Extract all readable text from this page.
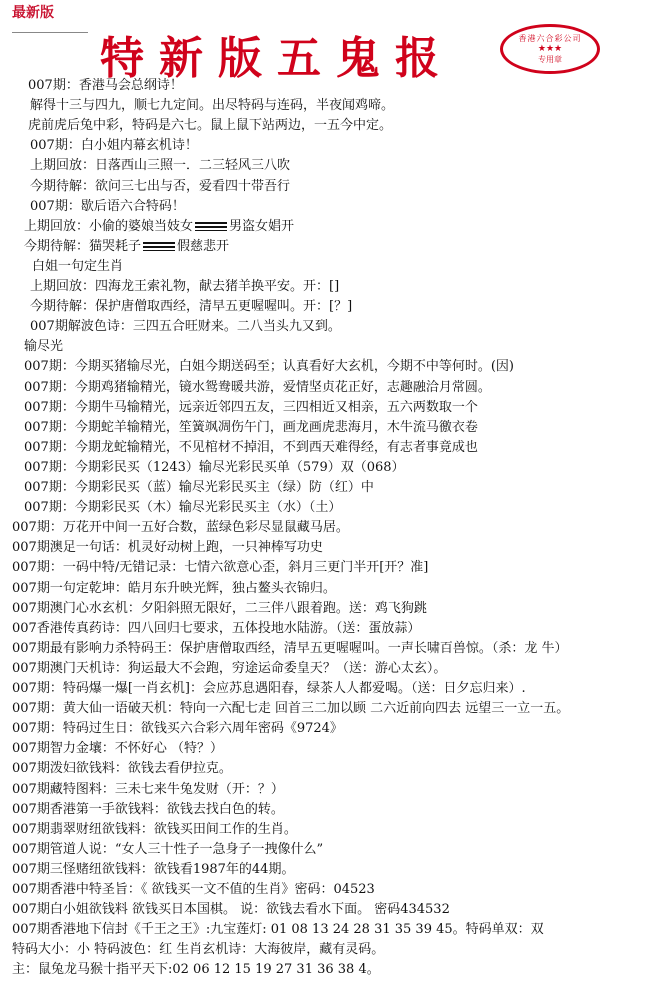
最新版
特新版五鬼报	香港六合彩公司
★★★
专用章
007期：香港马会总纲诗！
解得十三与四九，顺七九定间。出尽特码与连码，半夜闻鸡啼。
虎前虎后兔中彩，特码是六七。鼠上鼠下站两边，一五今中定。
007期：白小姐内幕玄机诗！
上期回放：日落西山三照一．二三轻风三八吹
今期待解：欲问三七出与否，爱看四十带吾行
007期：歇后语六合特码！
上期回放：小偷的婆娘当妓女	男盗女娼开
今期待解：猫哭耗子	假慈悲开
白姐一句定生肖
上期回放：四海龙王索礼物，献去猪羊换平安。开：[]
今期待解：保护唐僧取西经，清早五更喔喔叫。开：[？]
007期解波色诗：三四五合旺财来。二八当头九又到。
输尽光
007期：今期买猪输尽光，白姐今期送码至；认真看好大玄机，今期不中等何时。(因)
007期：今期鸡猪输精光，镜水鸳鸯暖共游，爱情坚贞花正好，志趣融洽月常圆。
007期：今期牛马输精光，远亲近邻四五友，三四相近又相亲，五六两数取一个
007期：今期蛇羊输精光，笙簧飒凋伤午门，画龙画虎悲海月，木牛流马徼衣卷
007期：今期龙蛇输精光，不见棺材不掉泪，不到西天难得经，有志者事竟成也
007期：今期彩民买（1243）输尽光彩民买单（579）双（068）
007期：今期彩民买（蓝）输尽光彩民买主（绿）防（红）中
007期：今期彩民买（木）输尽光彩民买主（水）（土）
007期：万花开中间一五好合数，蓝绿色彩尽显鼠藏马居。
007期澳足一句话：机灵好动树上跑，一只神棒写功史
007期：一码中特/无错记录：七情六欲意心歪，斜月三更门半开[开？准]
007期一句定乾坤：皓月东升映光辉，独占鳌头衣锦归。
007期澳门心水玄机：夕阳斜照无限好，二三伴八跟着跑。送：鸡飞狗跳
007香港传真药诗：四八回归七要求，五体投地水陆游。（送：蛋放蒜）
007期最有影响力杀特码王：保护唐僧取西经，清早五更喔喔叫。一声长啸百兽惊。（杀：龙 牛）
007期澳门天机诗：狗运最大不会跑，穷途运命委皇天？（送：游心太玄）。
007期：特码爆一爆[一肖玄机]：会应苏息遇阳春，绿茶人人都爱喝。（送：日夕忘归来）.
007期：黄大仙一语破天机：特向一六配七走 回首三二加以顾 二六近前向四去 远望三一立一五。
007期：特码过生日：欲钱买六合彩六周年密码《9724》
007期智力金壤：不怀好心 （特？）
007期泼妇欲钱料：欲钱去看伊拉克。
007期藏特图料：三未七来牛兔发财（开：？）
007期香港第一手欲钱料：欲钱去找白色的转。
007期翡翠财纽欲钱料：欲钱买田间工作的生肖。
007期管道人说：“女人三十性子一急身子一拽像什么”
007期三怪赌纽欲钱料：欲钱看1987年的44期。
007期香港中特圣旨：《 欲钱买一文不值的生肖》密码：04523
007期白小姐欲钱料 欲钱买日本国棋。 说：欲钱去看水下面。 密码434532
007期香港地下信封《千王之王》:九宝莲灯: 01 08 13 24 28 31 35 39 45。特码单双：双
特码大小：小 特码波色：红 生肖玄机诗：大海彼岸，藏有灵码。
主：鼠兔龙马猴十指平天下:02 06 12 15 19 27 31 36 38 4。
